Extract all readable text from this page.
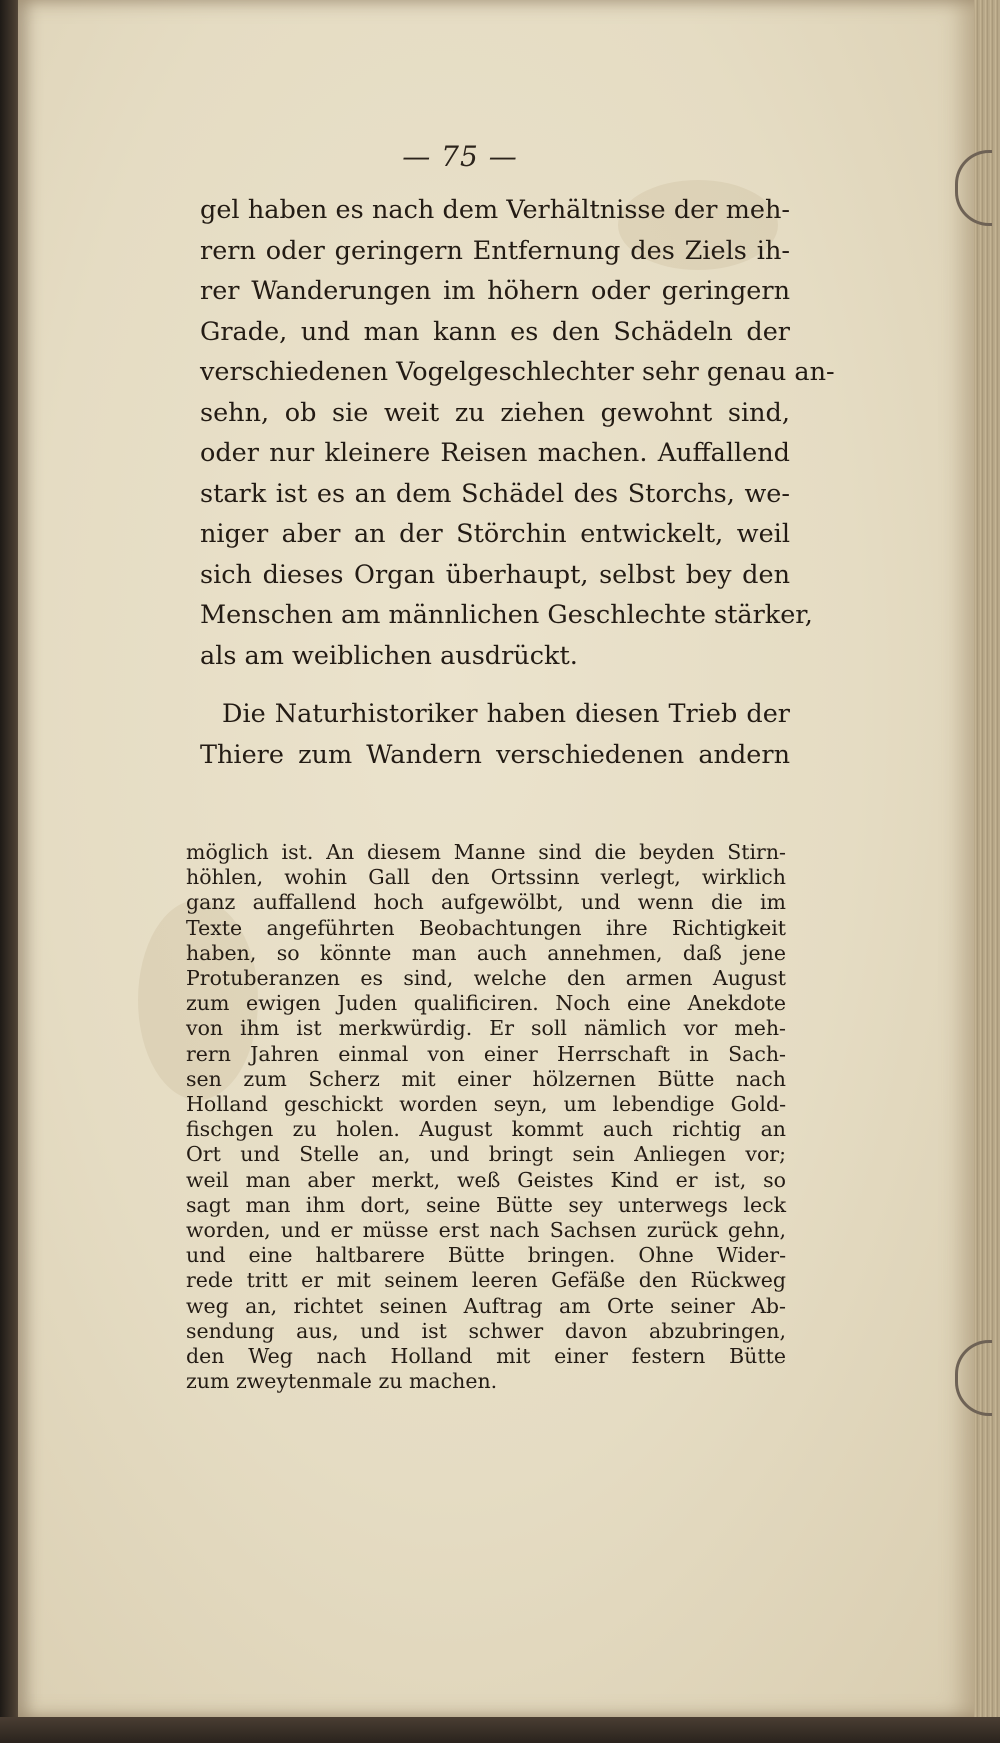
— 75 —
gel haben es nach dem Verhältnisse der meh-
rern oder geringern Entfernung des Ziels ih-
rer Wanderungen im höhern oder geringern
Grade, und man kann es den Schädeln der
verschiedenen Vogelgeschlechter sehr genau an-
sehn, ob sie weit zu ziehen gewohnt sind,
oder nur kleinere Reisen machen. Auffallend
stark ist es an dem Schädel des Storchs, we-
niger aber an der Störchin entwickelt, weil
sich dieses Organ überhaupt, selbst bey den
Menschen am männlichen Geschlechte stärker,
als am weiblichen ausdrückt.
Die Naturhistoriker haben diesen Trieb der
Thiere zum Wandern verschiedenen andern
möglich ist. An diesem Manne sind die beyden Stirn-
höhlen, wohin Gall den Ortssinn verlegt, wirklich
ganz auffallend hoch aufgewölbt, und wenn die im
Texte angeführten Beobachtungen ihre Richtigkeit
haben, so könnte man auch annehmen, daß jene
Protuberanzen es sind, welche den armen August
zum ewigen Juden qualificiren. Noch eine Anekdote
von ihm ist merkwürdig. Er soll nämlich vor meh-
rern Jahren einmal von einer Herrschaft in Sach-
sen zum Scherz mit einer hölzernen Bütte nach
Holland geschickt worden seyn, um lebendige Gold-
fischgen zu holen. August kommt auch richtig an
Ort und Stelle an, und bringt sein Anliegen vor;
weil man aber merkt, weß Geistes Kind er ist, so
sagt man ihm dort, seine Bütte sey unterwegs leck
worden, und er müsse erst nach Sachsen zurück gehn,
und eine haltbarere Bütte bringen. Ohne Wider-
rede tritt er mit seinem leeren Gefäße den Rückweg
weg an, richtet seinen Auftrag am Orte seiner Ab-
sendung aus, und ist schwer davon abzubringen,
den Weg nach Holland mit einer festern Bütte
zum zweytenmale zu machen.
